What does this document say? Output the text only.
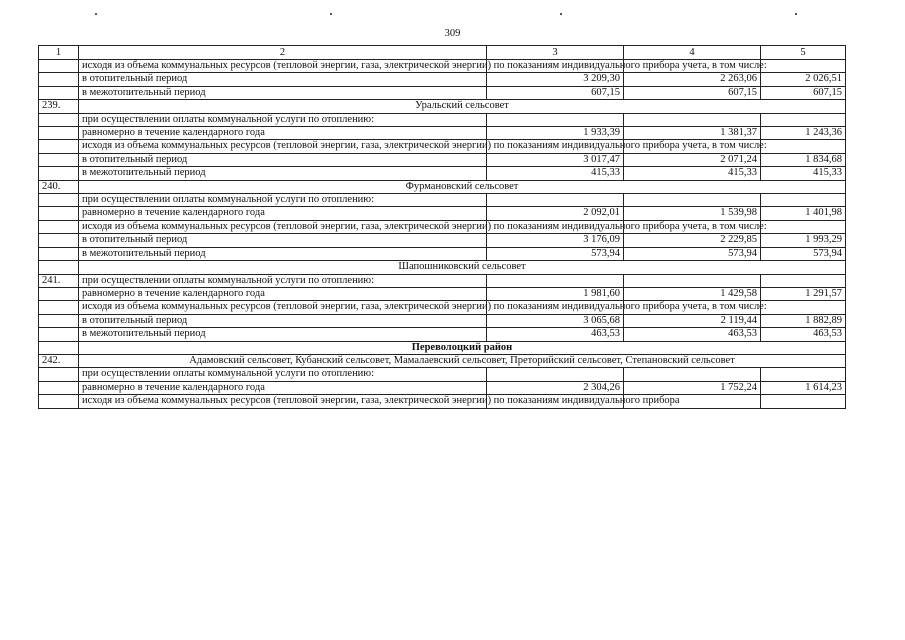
309
1	2	3	4	5
	исходя из объема коммунальных ресурсов (тепловой энергии, газа, электрической энергии) по показаниям индивидуального прибора учета, в том числе:			
	в отопительный период	3 209,30	2 263,06	2 026,51
	в межотопительный период	607,15	607,15	607,15
239.	Уральский сельсовет			
	при осуществлении оплаты коммунальной услуги по отоплению:			
	равномерно в течение календарного года	1 933,39	1 381,37	1 243,36
	исходя из объема коммунальных ресурсов (тепловой энергии, газа, электрической энергии) по показаниям индивидуального прибора учета, в том числе:			
	в отопительный период	3 017,47	2 071,24	1 834,68
	в межотопительный период	415,33	415,33	415,33
240.	Фурмановский сельсовет			
	при осуществлении оплаты коммунальной услуги по отоплению:			
	равномерно в течение календарного года	2 092,01	1 539,98	1 401,98
	исходя из объема коммунальных ресурсов (тепловой энергии, газа, электрической энергии) по показаниям индивидуального прибора учета, в том числе:			
	в отопительный период	3 176,09	2 229,85	1 993,29
	в межотопительный период	573,94	573,94	573,94
	Шапошниковский сельсовет			
241.	при осуществлении оплаты коммунальной услуги по отоплению:			
	равномерно в течение календарного года	1 981,60	1 429,58	1 291,57
	исходя из объема коммунальных ресурсов (тепловой энергии, газа, электрической энергии) по показаниям индивидуального прибора учета, в том числе:			
	в отопительный период	3 065,68	2 119,44	1 882,89
	в межотопительный период	463,53	463,53	463,53
	Переволоцкий район			
242.	Адамовский сельсовет, Кубанский сельсовет, Мамалаевский сельсовет, Преторийский сельсовет, Степановский сельсовет			
	при осуществлении оплаты коммунальной услуги по отоплению:			
	равномерно в течение календарного года	2 304,26	1 752,24	1 614,23
	исходя из объема коммунальных ресурсов (тепловой энергии, газа, электрической энергии) по показаниям индивидуального прибора			
